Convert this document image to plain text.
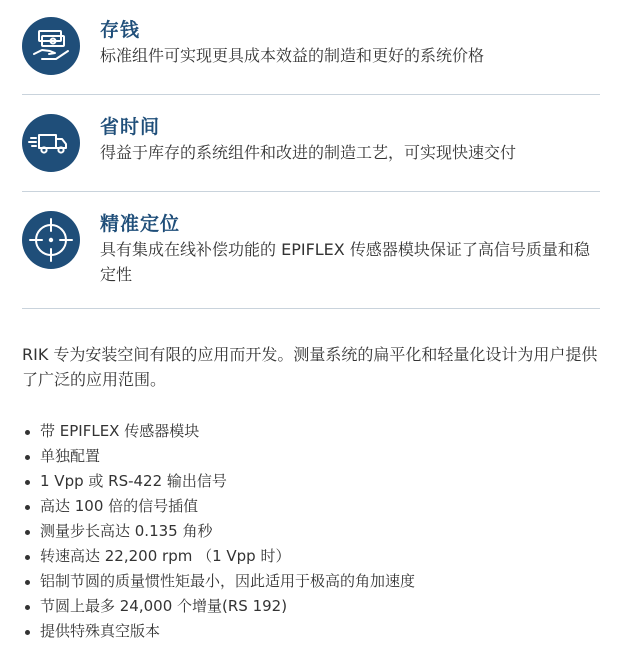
存钱
标准组件可实现更具成本效益的制造和更好的系统价格
省时间
得益于库存的系统组件和改进的制造工艺，可实现快速交付
精准定位
具有集成在线补偿功能的 EPIFLEX 传感器模块保证了高信号质量和稳定性
RIK 专为安装空间有限的应用而开发。测量系统的扁平化和轻量化设计为用户提供了广泛的应用范围。
带 EPIFLEX 传感器模块
单独配置
1 Vpp 或 RS-422 输出信号
高达 100 倍的信号插值
测量步长高达 0.135 角秒
转速高达 22,200 rpm （1 Vpp 时）
铝制节圆的质量惯性矩最小，因此适用于极高的角加速度
节圆上最多 24,000 个增量(RS 192)
提供特殊真空版本
